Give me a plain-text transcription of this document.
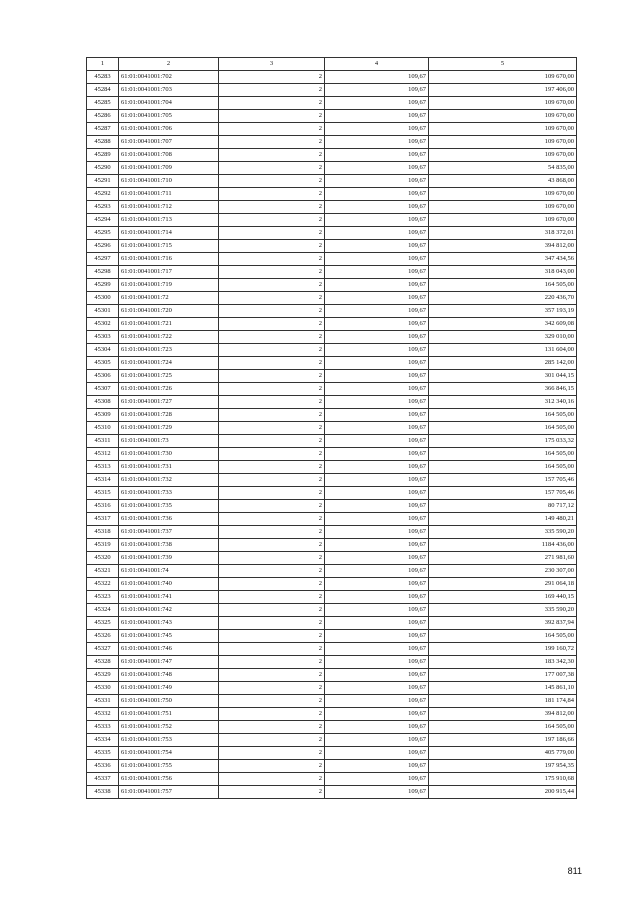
1	2	3	4	5
45283	61:01:0041001:702	2	109,67	109 670,00
45284	61:01:0041001:703	2	109,67	197 406,00
45285	61:01:0041001:704	2	109,67	109 670,00
45286	61:01:0041001:705	2	109,67	109 670,00
45287	61:01:0041001:706	2	109,67	109 670,00
45288	61:01:0041001:707	2	109,67	109 670,00
45289	61:01:0041001:708	2	109,67	109 670,00
45290	61:01:0041001:709	2	109,67	54 835,00
45291	61:01:0041001:710	2	109,67	43 868,00
45292	61:01:0041001:711	2	109,67	109 670,00
45293	61:01:0041001:712	2	109,67	109 670,00
45294	61:01:0041001:713	2	109,67	109 670,00
45295	61:01:0041001:714	2	109,67	318 372,01
45296	61:01:0041001:715	2	109,67	394 812,00
45297	61:01:0041001:716	2	109,67	347 434,56
45298	61:01:0041001:717	2	109,67	318 043,00
45299	61:01:0041001:719	2	109,67	164 505,00
45300	61:01:0041001:72	2	109,67	220 436,70
45301	61:01:0041001:720	2	109,67	357 193,19
45302	61:01:0041001:721	2	109,67	342 609,08
45303	61:01:0041001:722	2	109,67	329 010,00
45304	61:01:0041001:723	2	109,67	131 604,00
45305	61:01:0041001:724	2	109,67	285 142,00
45306	61:01:0041001:725	2	109,67	301 044,15
45307	61:01:0041001:726	2	109,67	366 846,15
45308	61:01:0041001:727	2	109,67	312 340,16
45309	61:01:0041001:728	2	109,67	164 505,00
45310	61:01:0041001:729	2	109,67	164 505,00
45311	61:01:0041001:73	2	109,67	175 033,32
45312	61:01:0041001:730	2	109,67	164 505,00
45313	61:01:0041001:731	2	109,67	164 505,00
45314	61:01:0041001:732	2	109,67	157 705,46
45315	61:01:0041001:733	2	109,67	157 705,46
45316	61:01:0041001:735	2	109,67	80 717,12
45317	61:01:0041001:736	2	109,67	149 480,21
45318	61:01:0041001:737	2	109,67	335 590,20
45319	61:01:0041001:738	2	109,67	1184 436,00
45320	61:01:0041001:739	2	109,67	271 981,60
45321	61:01:0041001:74	2	109,67	230 307,00
45322	61:01:0041001:740	2	109,67	291 064,18
45323	61:01:0041001:741	2	109,67	169 440,15
45324	61:01:0041001:742	2	109,67	335 590,20
45325	61:01:0041001:743	2	109,67	392 837,94
45326	61:01:0041001:745	2	109,67	164 505,00
45327	61:01:0041001:746	2	109,67	199 160,72
45328	61:01:0041001:747	2	109,67	183 342,30
45329	61:01:0041001:748	2	109,67	177 007,38
45330	61:01:0041001:749	2	109,67	145 861,10
45331	61:01:0041001:750	2	109,67	181 174,84
45332	61:01:0041001:751	2	109,67	394 812,00
45333	61:01:0041001:752	2	109,67	164 505,00
45334	61:01:0041001:753	2	109,67	197 186,66
45335	61:01:0041001:754	2	109,67	405 779,00
45336	61:01:0041001:755	2	109,67	197 954,35
45337	61:01:0041001:756	2	109,67	175 910,68
45338	61:01:0041001:757	2	109,67	200 915,44
811
